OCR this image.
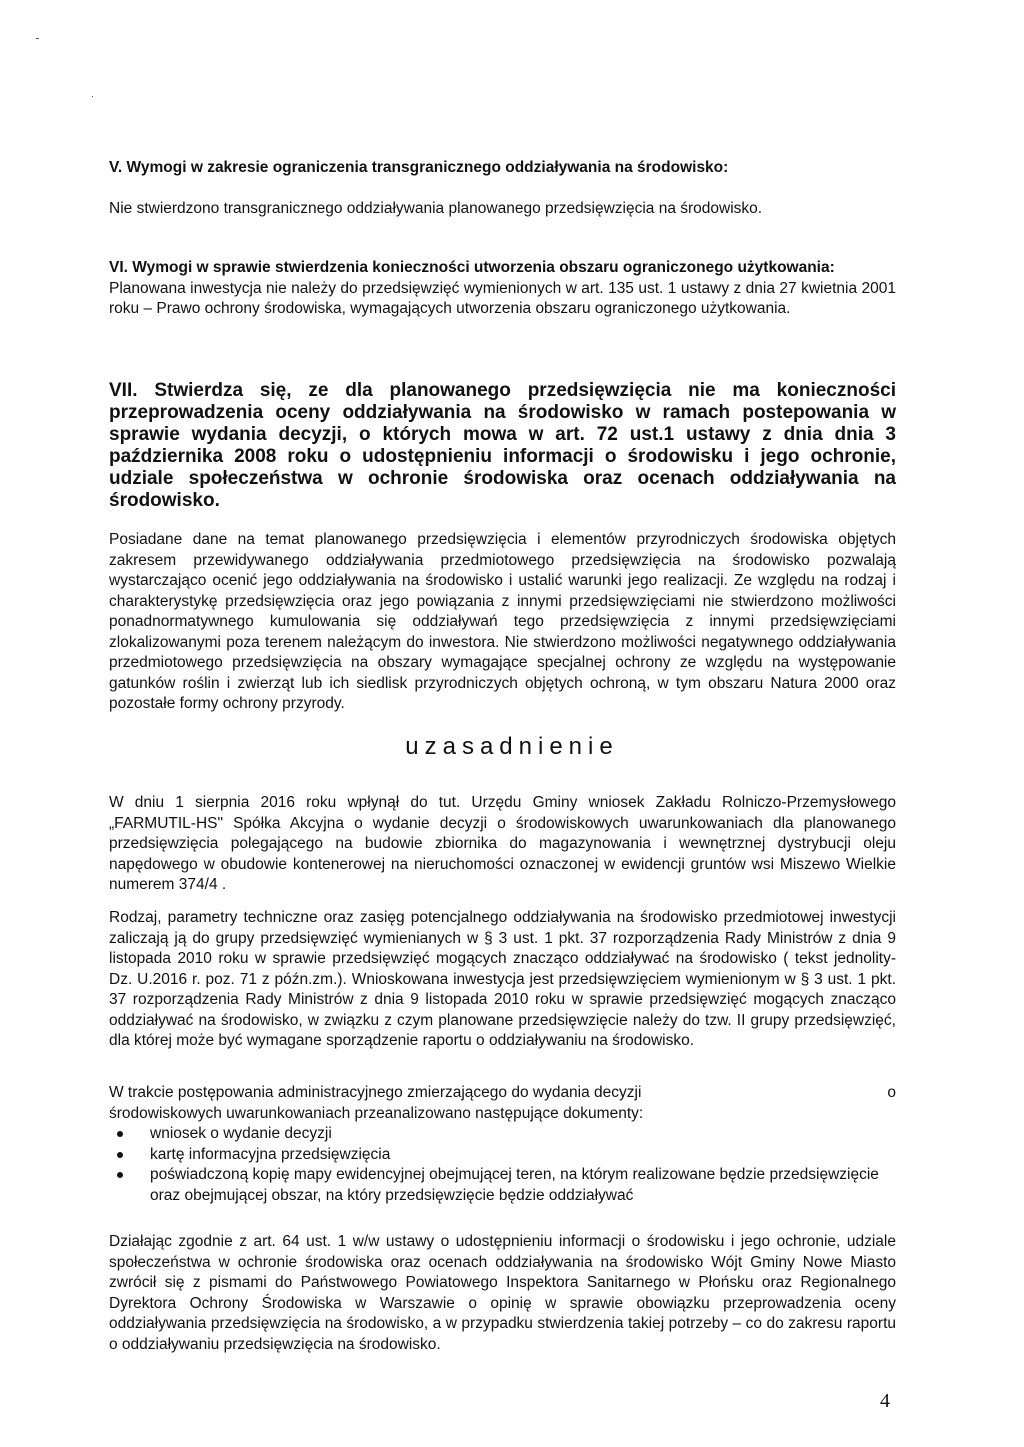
V. Wymogi w zakresie ograniczenia transgranicznego oddziaływania na środowisko:

Nie stwierdzono transgranicznego oddziaływania planowanego przedsięwzięcia na środowisko.

VI. Wymogi w sprawie stwierdzenia konieczności utworzenia obszaru ograniczonego użytkowania:

Planowana inwestycja nie należy do przedsięwzięć wymienionych w art. 135 ust. 1 ustawy z dnia 27 kwietnia 2001 roku – Prawo ochrony środowiska, wymagających utworzenia obszaru ograniczonego użytkowania.

VII. Stwierdza się, ze dla planowanego przedsięwzięcia nie ma konieczności przeprowadzenia oceny oddziaływania na środowisko w ramach postepowania w sprawie wydania decyzji, o których mowa w art. 72 ust.1 ustawy z dnia dnia 3 października 2008 roku o udostępnieniu informacji o środowisku i jego ochronie, udziale społeczeństwa w ochronie środowiska oraz ocenach oddziaływania na środowisko.

Posiadane dane na temat planowanego przedsięwzięcia i elementów przyrodniczych środowiska objętych zakresem przewidywanego oddziaływania przedmiotowego przedsięwzięcia na środowisko pozwalają wystarczająco ocenić jego oddziaływania na środowisko i ustalić warunki jego realizacji. Ze względu na rodzaj i charakterystykę przedsięwzięcia oraz jego powiązania z innymi przedsięwzięciami nie stwierdzono możliwości ponadnormatywnego kumulowania się oddziaływań tego przedsięwzięcia z innymi przedsięwzięciami zlokalizowanymi poza terenem należącym do inwestora. Nie stwierdzono możliwości negatywnego oddziaływania przedmiotowego przedsięwzięcia na obszary wymagające specjalnej ochrony ze względu na występowanie gatunków roślin i zwierząt lub ich siedlisk przyrodniczych objętych ochroną, w tym obszaru Natura 2000 oraz pozostałe formy ochrony przyrody.

uzasadnienie

W dniu 1 sierpnia 2016 roku wpłynął do tut. Urzędu Gminy wniosek Zakładu Rolniczo-Przemysłowego „FARMUTIL-HS" Spółka Akcyjna o wydanie decyzji o środowiskowych uwarunkowaniach dla planowanego przedsięwzięcia polegającego na budowie zbiornika do magazynowania i wewnętrznej dystrybucji oleju napędowego w obudowie kontenerowej na nieruchomości oznaczonej w ewidencji gruntów wsi Miszewo Wielkie numerem 374/4 .

Rodzaj, parametry techniczne oraz zasięg potencjalnego oddziaływania na środowisko przedmiotowej inwestycji zaliczają ją do grupy przedsięwzięć wymienianych w § 3 ust. 1 pkt. 37 rozporządzenia Rady Ministrów z dnia 9 listopada 2010 roku w sprawie przedsięwzięć mogących znacząco oddziaływać na środowisko ( tekst jednolity- Dz. U.2016 r. poz. 71 z późn.zm.). Wnioskowana inwestycja jest przedsięwzięciem wymienionym w § 3 ust. 1 pkt. 37 rozporządzenia Rady Ministrów z dnia 9 listopada 2010 roku w sprawie przedsięwzięć mogących znacząco oddziaływać na środowisko, w związku z czym planowane przedsięwzięcie należy do tzw. II grupy przedsięwzięć, dla której może być wymagane sporządzenie raportu o oddziaływaniu na środowisko.

W trakcie postępowania administracyjnego zmierzającego do wydania decyzji	o

środowiskowych uwarunkowaniach przeanalizowano następujące dokumenty:

wniosek o wydanie decyzji
kartę informacyjna przedsięwzięcia
poświadczoną kopię mapy ewidencyjnej obejmującej teren, na którym realizowane będzie przedsięwzięcie oraz obejmującej obszar, na który przedsięwzięcie będzie oddziaływać

Działając zgodnie z art. 64 ust. 1 w/w ustawy o udostępnieniu informacji o środowisku i jego ochronie, udziale społeczeństwa w ochronie środowiska oraz ocenach oddziaływania na środowisko Wójt Gminy Nowe Miasto zwrócił się z pismami do Państwowego Powiatowego Inspektora Sanitarnego w Płońsku oraz Regionalnego Dyrektora Ochrony Środowiska w Warszawie o opinię w sprawie obowiązku przeprowadzenia oceny oddziaływania przedsięwzięcia na środowisko, a w przypadku stwierdzenia takiej potrzeby – co do zakresu raportu o oddziaływaniu przedsięwzięcia na środowisko.

4
